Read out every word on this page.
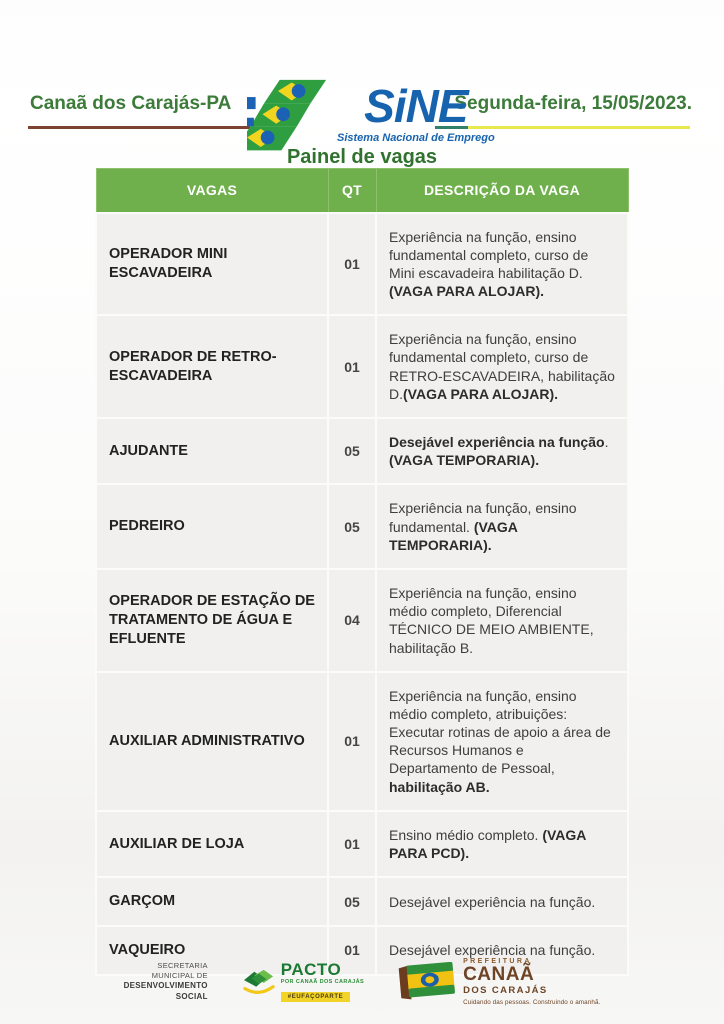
Canaã dos Carajás-PA	Segunda-feira, 15/05/2023.
SiNE
Sistema Nacional de Emprego
Painel de vagas
VAGAS	QT	DESCRIÇÃO DA VAGA
OPERADOR MINI ESCAVADEIRA	01	Experiência na função, ensino fundamental completo, curso de Mini escavadeira habilitação D.(VAGA PARA ALOJAR).
OPERADOR DE RETRO-ESCAVADEIRA	01	Experiência na função, ensino fundamental completo, curso de RETRO-ESCAVADEIRA, habilitação D.(VAGA PARA ALOJAR).
AJUDANTE	05	Desejável experiência na função. (VAGA TEMPORARIA).
PEDREIRO	05	Experiência na função, ensino fundamental. (VAGA TEMPORARIA).
OPERADOR DE ESTAÇÃO DE TRATAMENTO DE ÁGUA E EFLUENTE	04	Experiência na função, ensino médio completo, Diferencial TÉCNICO DE MEIO AMBIENTE, habilitação B.
AUXILIAR ADMINISTRATIVO	01	Experiência na função, ensino médio completo, atribuições: Executar rotinas de apoio a área de Recursos Humanos e Departamento de Pessoal, habilitação AB.
AUXILIAR DE LOJA	01	Ensino médio completo. (VAGA PARA PCD).
GARÇOM	05	Desejável experiência na função.
VAQUEIRO	01	Desejável experiência na função.
SECRETARIA
MUNICIPAL DE
DESENVOLVIMENTO
SOCIAL
PACTO
POR CANAÃ DOS CARAJÁS
#EUFAÇOPARTE
PREFEITURA
CANAÃ
DOS CARAJÁS
Cuidando das pessoas. Construindo o amanhã.
